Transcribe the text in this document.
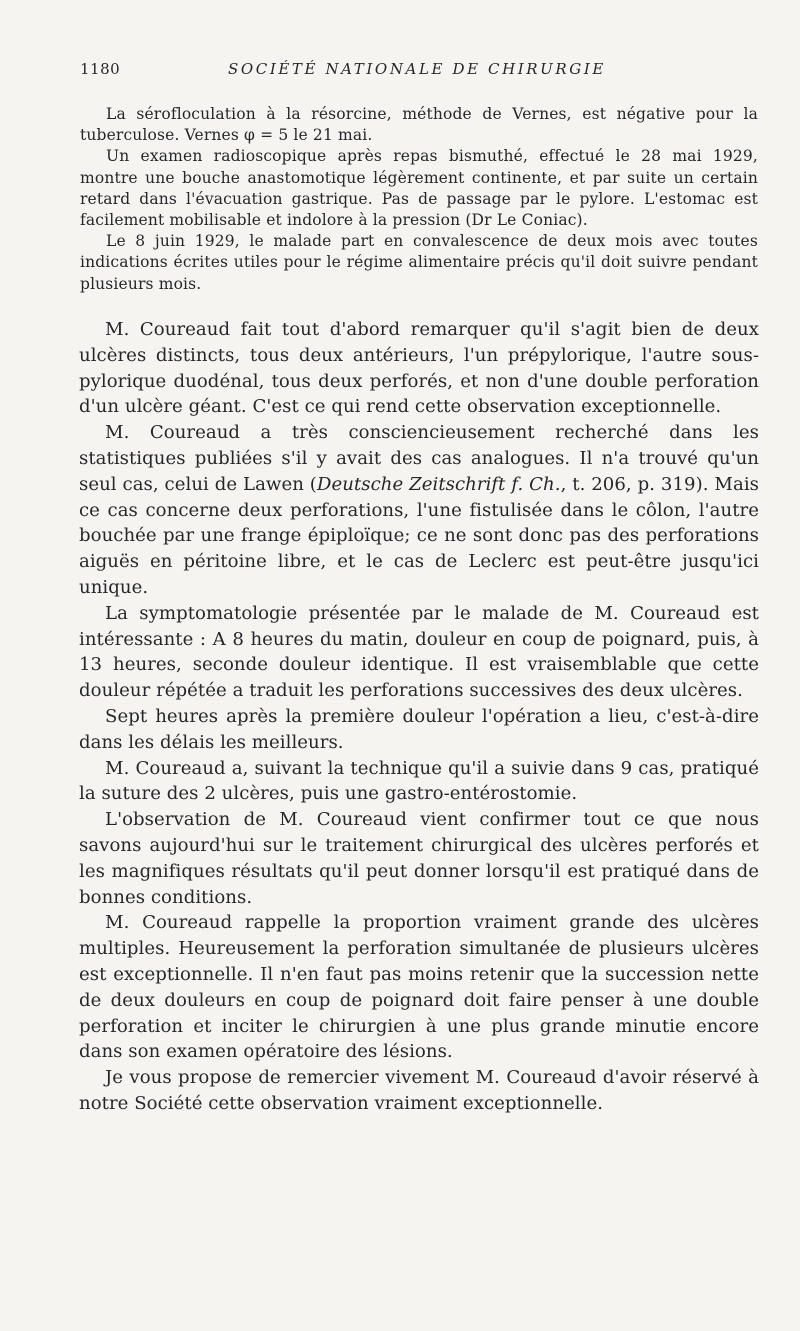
1180	SOCIÉTÉ NATIONALE DE CHIRURGIE

La sérofloculation à la résorcine, méthode de Vernes, est négative pour la tuberculose. Vernes φ = 5 le 21 mai.

Un examen radioscopique après repas bismuthé, effectué le 28 mai 1929, montre une bouche anastomotique légèrement continente, et par suite un certain retard dans l'évacuation gastrique. Pas de passage par le pylore. L'estomac est facilement mobilisable et indolore à la pression (Dr Le Coniac).

Le 8 juin 1929, le malade part en convalescence de deux mois avec toutes indications écrites utiles pour le régime alimentaire précis qu'il doit suivre pendant plusieurs mois.

M. Coureaud fait tout d'abord remarquer qu'il s'agit bien de deux ulcères distincts, tous deux antérieurs, l'un prépylorique, l'autre sous-pylorique duodénal, tous deux perforés, et non d'une double perforation d'un ulcère géant. C'est ce qui rend cette observation exceptionnelle.

M. Coureaud a très consciencieusement recherché dans les statistiques publiées s'il y avait des cas analogues. Il n'a trouvé qu'un seul cas, celui de Lawen (Deutsche Zeitschrift f. Ch., t. 206, p. 319). Mais ce cas concerne deux perforations, l'une fistulisée dans le côlon, l'autre bouchée par une frange épiploïque; ce ne sont donc pas des perforations aiguës en péritoine libre, et le cas de Leclerc est peut-être jusqu'ici unique.

La symptomatologie présentée par le malade de M. Coureaud est intéressante : A 8 heures du matin, douleur en coup de poignard, puis, à 13 heures, seconde douleur identique. Il est vraisemblable que cette douleur répétée a traduit les perforations successives des deux ulcères.

Sept heures après la première douleur l'opération a lieu, c'est-à-dire dans les délais les meilleurs.

M. Coureaud a, suivant la technique qu'il a suivie dans 9 cas, pratiqué la suture des 2 ulcères, puis une gastro-entérostomie.

L'observation de M. Coureaud vient confirmer tout ce que nous savons aujourd'hui sur le traitement chirurgical des ulcères perforés et les magnifiques résultats qu'il peut donner lorsqu'il est pratiqué dans de bonnes conditions.

M. Coureaud rappelle la proportion vraiment grande des ulcères multiples. Heureusement la perforation simultanée de plusieurs ulcères est exceptionnelle. Il n'en faut pas moins retenir que la succession nette de deux douleurs en coup de poignard doit faire penser à une double perforation et inciter le chirurgien à une plus grande minutie encore dans son examen opératoire des lésions.

Je vous propose de remercier vivement M. Coureaud d'avoir réservé à notre Société cette observation vraiment exceptionnelle.
